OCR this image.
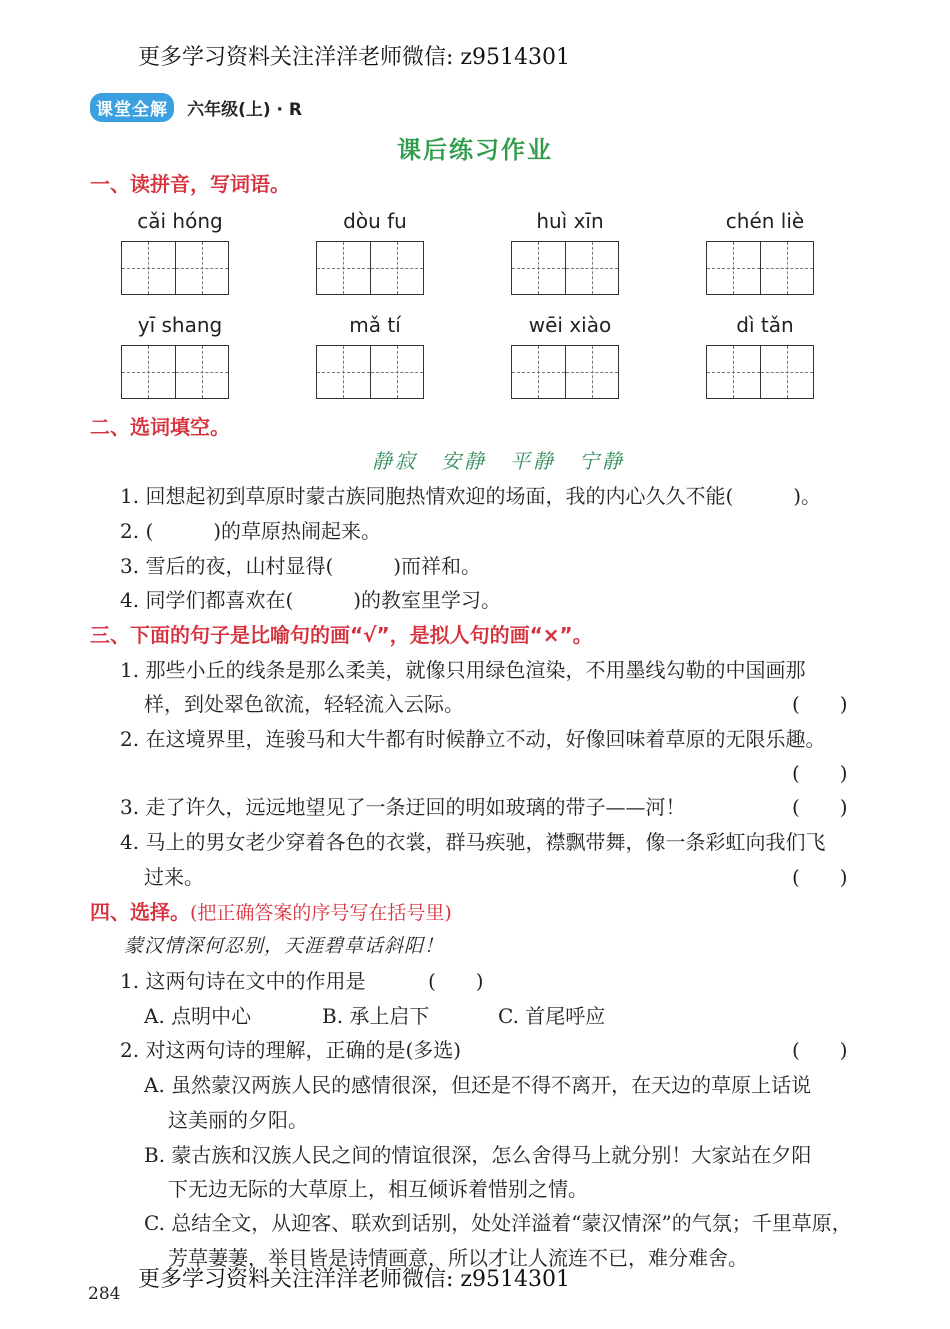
更多学习资料关注洋洋老师微信: z9514301
课堂全解 六年级(上) · R
课后练习作业
一、读拼音，写词语。
cǎi hóng	dòu fu	huì xīn	chén liè
yī shang	mǎ tí	wēi xiào	dì tǎn
二、选词填空。
静寂　安静　平静　宁静
1. 回想起初到草原时蒙古族同胞热情欢迎的场面，我的内心久久不能(　　　)。
2. (　　　)的草原热闹起来。
3. 雪后的夜，山村显得(　　　)而祥和。
4. 同学们都喜欢在(　　　)的教室里学习。
三、下面的句子是比喻句的画“√”，是拟人句的画“×”。
1. 那些小丘的线条是那么柔美，就像只用绿色渲染，不用墨线勾勒的中国画那
样，到处翠色欲流，轻轻流入云际。	(　　)
2. 在这境界里，连骏马和大牛都有时候静立不动，好像回味着草原的无限乐趣。
(　　)
3. 走了许久，远远地望见了一条迂回的明如玻璃的带子——河！	(　　)
4. 马上的男女老少穿着各色的衣裳，群马疾驰，襟飘带舞，像一条彩虹向我们飞
过来。	(　　)
四、选择。(把正确答案的序号写在括号里)
蒙汉情深何忍别，天涯碧草话斜阳！
1. 这两句诗在文中的作用是	(　　)
A. 点明中心	B. 承上启下	C. 首尾呼应
2. 对这两句诗的理解，正确的是(多选)	(　　)
A. 虽然蒙汉两族人民的感情很深，但还是不得不离开，在天边的草原上话说
这美丽的夕阳。
B. 蒙古族和汉族人民之间的情谊很深，怎么舍得马上就分别！大家站在夕阳
下无边无际的大草原上，相互倾诉着惜别之情。
C. 总结全文，从迎客、联欢到话别，处处洋溢着“蒙汉情深”的气氛；千里草原，
芳草萋萋，举目皆是诗情画意，所以才让人流连不已，难分难舍。
更多学习资料关注洋洋老师微信: z9514301
284
